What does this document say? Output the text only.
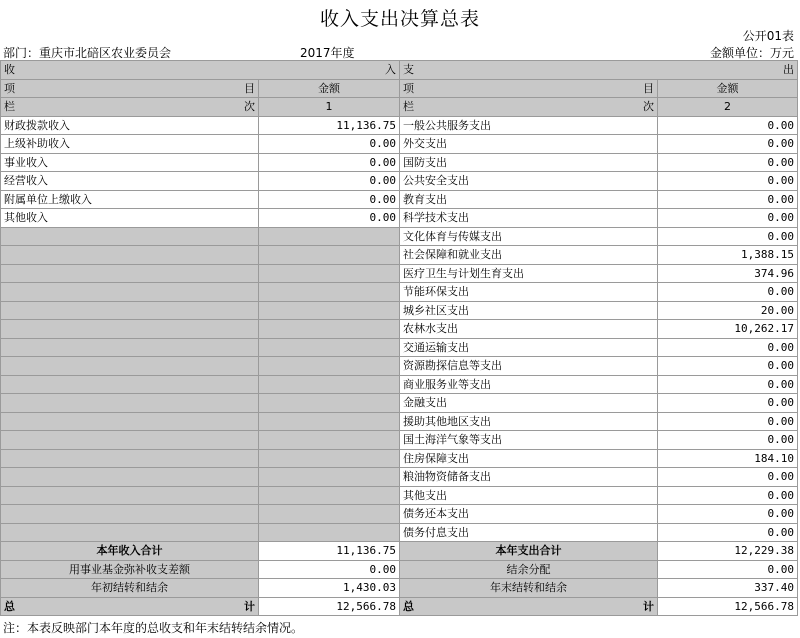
收入支出决算总表
公开01表
部门：重庆市北碚区农业委员会	2017年度	金额单位：万元
收 入		支 出	

项 目	金额	项 目	金额

栏 次	1	栏 次	2
财政拨款收入	11,136.75	一般公共服务支出	0.00
上级补助收入	0.00	外交支出	0.00
事业收入	0.00	国防支出	0.00
经营收入	0.00	公共安全支出	0.00
附属单位上缴收入	0.00	教育支出	0.00
其他收入	0.00	科学技术支出	0.00
		文化体育与传媒支出	0.00
		社会保障和就业支出	1,388.15
		医疗卫生与计划生育支出	374.96
		节能环保支出	0.00
		城乡社区支出	20.00
		农林水支出	10,262.17
		交通运输支出	0.00
		资源勘探信息等支出	0.00
		商业服务业等支出	0.00
		金融支出	0.00
		援助其他地区支出	0.00
		国土海洋气象等支出	0.00
		住房保障支出	184.10
		粮油物资储备支出	0.00
		其他支出	0.00
		债务还本支出	0.00
		债务付息支出	0.00
本年收入合计	11,136.75	本年支出合计	12,229.38
用事业基金弥补收支差额	0.00	结余分配	0.00
年初结转和结余	1,430.03	年末结转和结余	337.40

总 计	12,566.78	总 计	12,566.78
注：本表反映部门本年度的总收支和年末结转结余情况。
